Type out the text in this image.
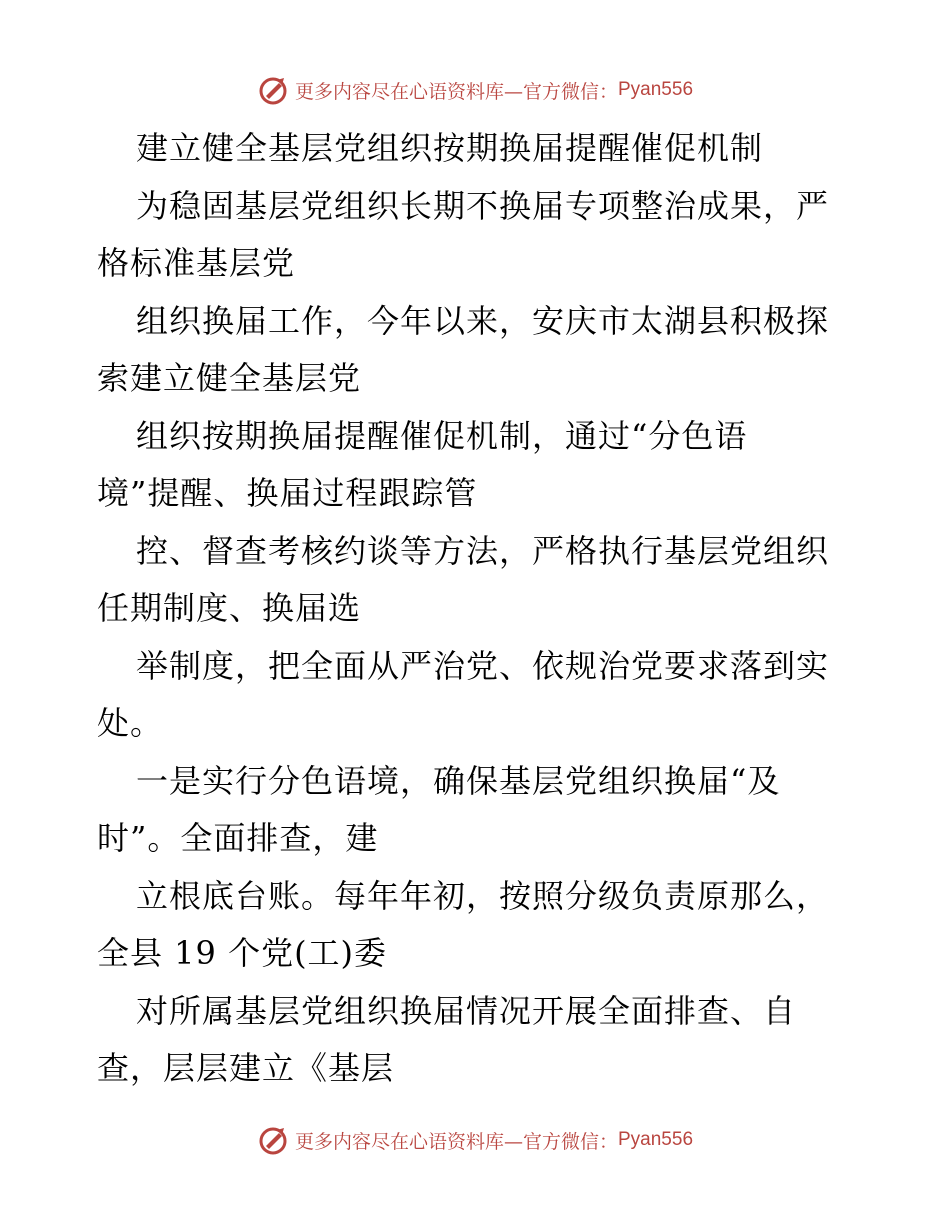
更多内容尽在心语资料库—官方微信： Pyan556
建立健全基层党组织按期换届提醒催促机制
为稳固基层党组织长期不换届专项整治成果，严
格标准基层党
组织换届工作，今年以来，安庆市太湖县积极探
索建立健全基层党
组织按期换届提醒催促机制，通过“分色语
境”提醒、换届过程跟踪管
控、督查考核约谈等方法，严格执行基层党组织
任期制度、换届选
举制度，把全面从严治党、依规治党要求落到实
处。
一是实行分色语境，确保基层党组织换届“及
时”。全面排查，建
立根底台账。每年年初，按照分级负责原那么，
全县 19 个党(工)委
对所属基层党组织换届情况开展全面排查、自
查，层层建立《基层
更多内容尽在心语资料库—官方微信： Pyan556
